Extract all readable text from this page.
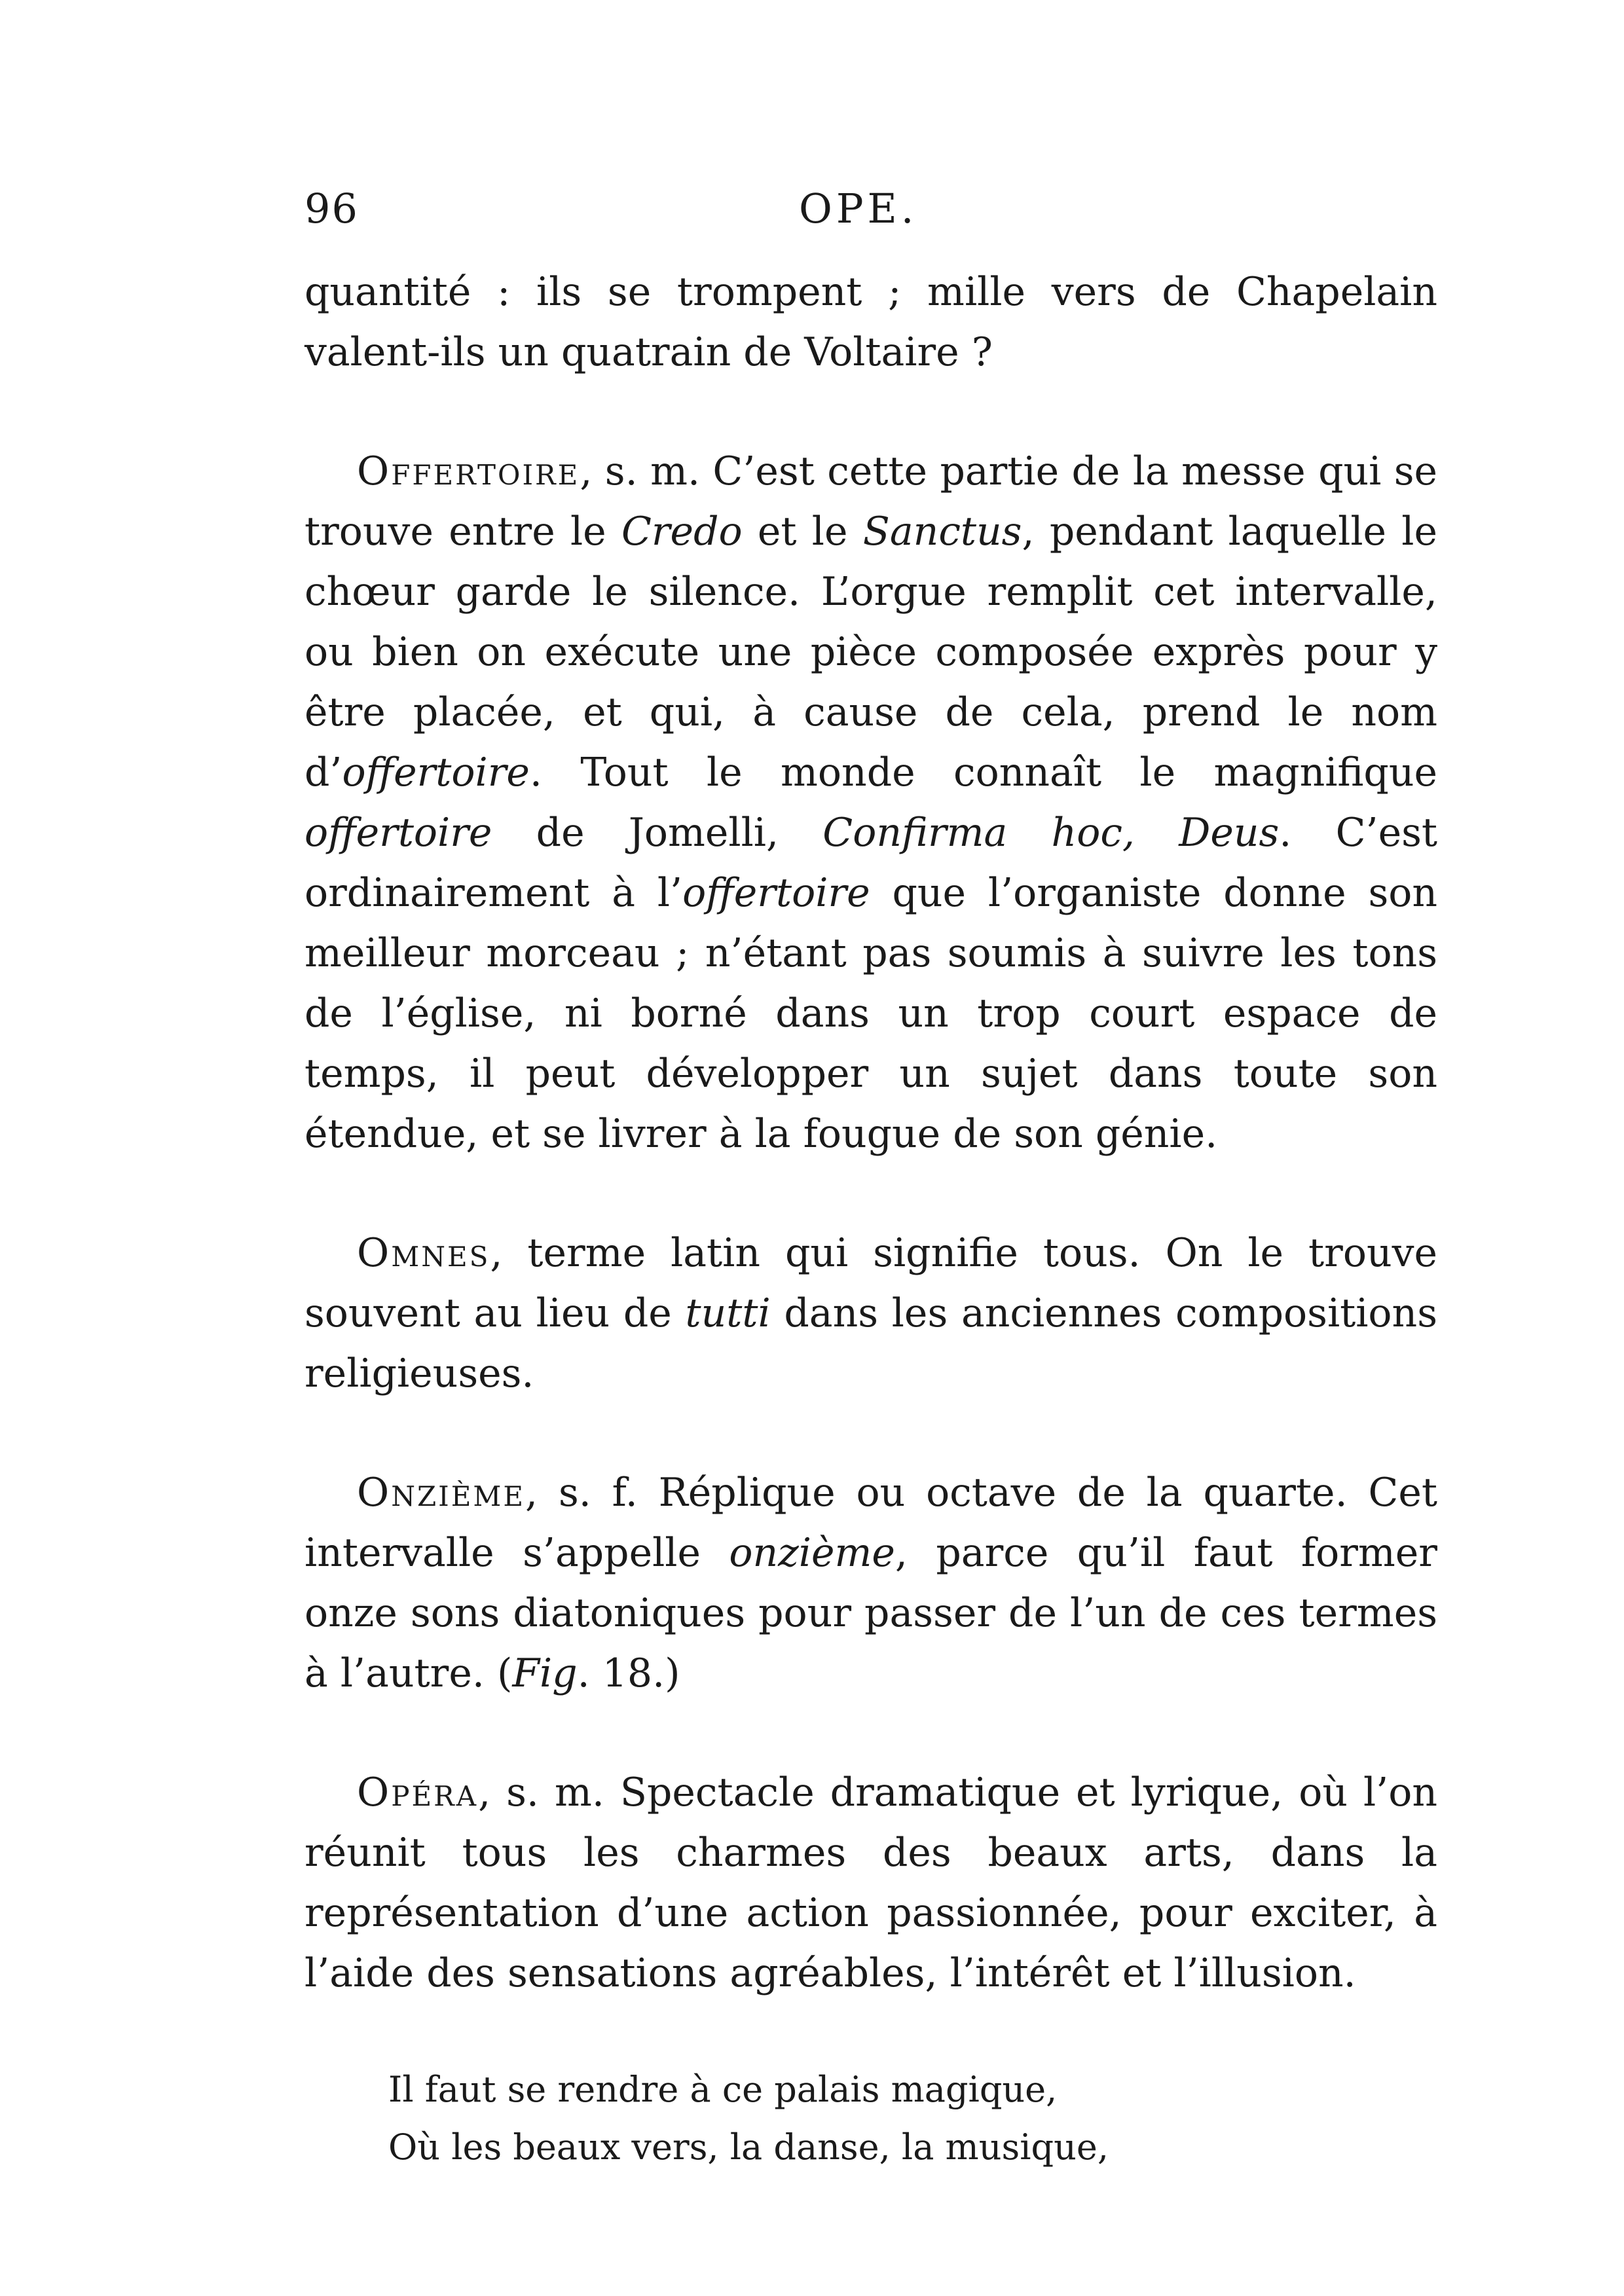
96	OPE.

quantité : ils se trompent ; mille vers de Chapelain valent-ils un quatrain de Voltaire ?

Offertoire, s. m. C’est cette partie de la messe qui se trouve entre le Credo et le Sanctus, pendant laquelle le chœur garde le silence. L’orgue remplit cet intervalle, ou bien on exécute une pièce composée exprès pour y être placée, et qui, à cause de cela, prend le nom d’offertoire. Tout le monde connaît le magnifique offertoire de Jomelli, Confirma hoc, Deus. C’est ordinairement à l’offertoire que l’organiste donne son meilleur morceau ; n’étant pas soumis à suivre les tons de l’église, ni borné dans un trop court espace de temps, il peut développer un sujet dans toute son étendue, et se livrer à la fougue de son génie.

Omnes, terme latin qui signifie tous. On le trouve souvent au lieu de tutti dans les anciennes compositions religieuses.

Onzième, s. f. Réplique ou octave de la quarte. Cet intervalle s’appelle onzième, parce qu’il faut former onze sons diatoniques pour passer de l’un de ces termes à l’autre. (Fig. 18.)

Opéra, s. m. Spectacle dramatique et lyrique, où l’on réunit tous les charmes des beaux arts, dans la représentation d’une action passionnée, pour exciter, à l’aide des sensations agréables, l’intérêt et l’illusion.

Il faut se rendre à ce palais magique,
Où les beaux vers, la danse, la musique,
